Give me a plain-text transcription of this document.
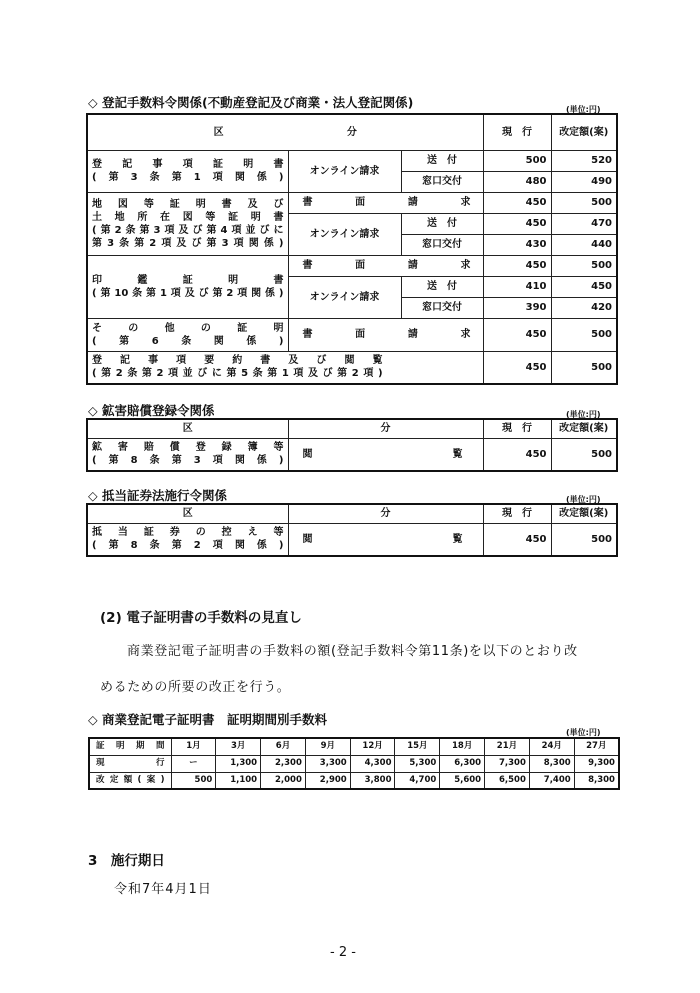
◇ 登記手数料令関係(不動産登記及び商業・法人登記関係)	(単位:円)
区 分			現　行	改定額(案)

登記事項証明書
(第3条第1項関係)	オンライン請求	送　付	500	520
		窓口交付	480	490

地図等証明書及び
土地所在図等証明書
(第2条第3項及び第4項並びに
第3条第2項及び第3項関係)	書面請求		450	500
	オンライン請求	送　付	450	470
		窓口交付	430	440

印鑑証明書
(第10条第1項及び第2項関係)	書面請求		450	500
	オンライン請求	送　付	410	450
		窓口交付	390	420

その他の証明
(第6条関係)	書面請求		450	500

登記事項要約書及び閲覧
(第2条第2項並びに第5条第1項及び第2項)			450	500
◇ 鉱害賠償登録令関係	(単位:円)
区	分	現　行	改定額(案)

鉱害賠償登録簿等
(第8条第3項関係)	閲覧	450	500
◇ 抵当証券法施行令関係	(単位:円)
区	分	現　行	改定額(案)

抵当証券の控え等
(第8条第2項関係)	閲覧	450	500
(2) 電子証明書の手数料の見直し
商業登記電子証明書の手数料の額(登記手数料令第11条)を以下のとおり改
めるための所要の改正を行う。
◇ 商業登記電子証明書　証明期間別手数料
(単位:円)
証明期間	1月	3月	6月	9月	12月	15月	18月	21月	24月	27月
現　行	ー	1,300	2,300	3,300	4,300	5,300	6,300	7,300	8,300	9,300
改定額(案)	500	1,100	2,000	2,900	3,800	4,700	5,600	6,500	7,400	8,300
3　施行期日
令和7年4月1日
- 2 -
